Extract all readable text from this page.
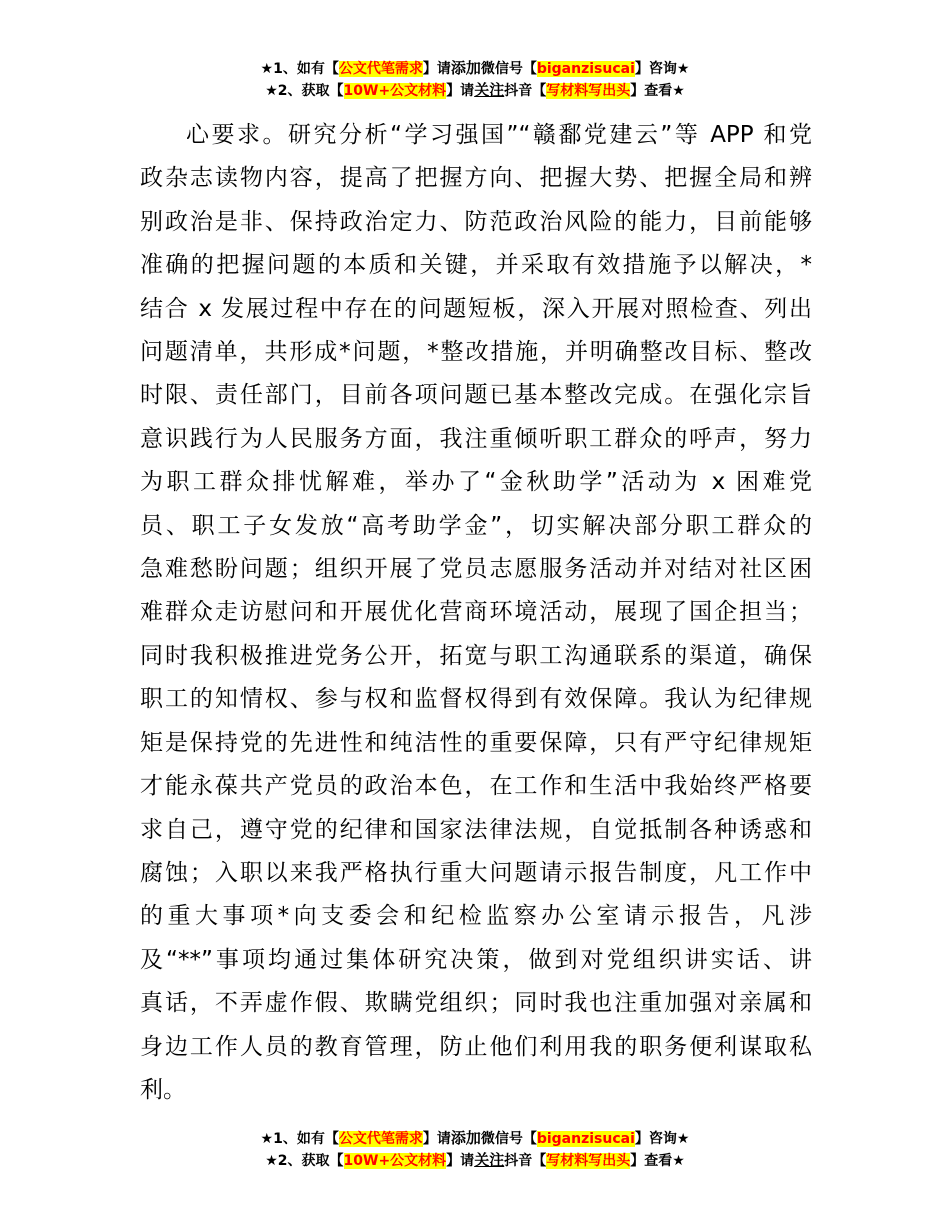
★1、如有【公文代笔需求】请添加微信号【biganzisucai】咨询★
★2、获取【10W+公文材料】请关注抖音【写材料写出头】查看★
心要求。研究分析“学习强国”“赣鄱党建云”等 APP 和党
政杂志读物内容，提高了把握方向、把握大势、把握全局和辨
别政治是非、保持政治定力、防范政治风险的能力，目前能够
准确的把握问题的本质和关键，并采取有效措施予以解决，*
结合 x 发展过程中存在的问题短板，深入开展对照检查、列出
问题清单，共形成*问题，*整改措施，并明确整改目标、整改
时限、责任部门，目前各项问题已基本整改完成。在强化宗旨
意识践行为人民服务方面，我注重倾听职工群众的呼声，努力
为职工群众排忧解难，举办了“金秋助学”活动为 x 困难党
员、职工子女发放“高考助学金”，切实解决部分职工群众的
急难愁盼问题；组织开展了党员志愿服务活动并对结对社区困
难群众走访慰问和开展优化营商环境活动，展现了国企担当；
同时我积极推进党务公开，拓宽与职工沟通联系的渠道，确保
职工的知情权、参与权和监督权得到有效保障。我认为纪律规
矩是保持党的先进性和纯洁性的重要保障，只有严守纪律规矩
才能永葆共产党员的政治本色，在工作和生活中我始终严格要
求自己，遵守党的纪律和国家法律法规，自觉抵制各种诱惑和
腐蚀；入职以来我严格执行重大问题请示报告制度，凡工作中
的重大事项*向支委会和纪检监察办公室请示报告，凡涉
及“**”事项均通过集体研究决策，做到对党组织讲实话、讲
真话，不弄虚作假、欺瞒党组织；同时我也注重加强对亲属和
身边工作人员的教育管理，防止他们利用我的职务便利谋取私
利。
★1、如有【公文代笔需求】请添加微信号【biganzisucai】咨询★
★2、获取【10W+公文材料】请关注抖音【写材料写出头】查看★
